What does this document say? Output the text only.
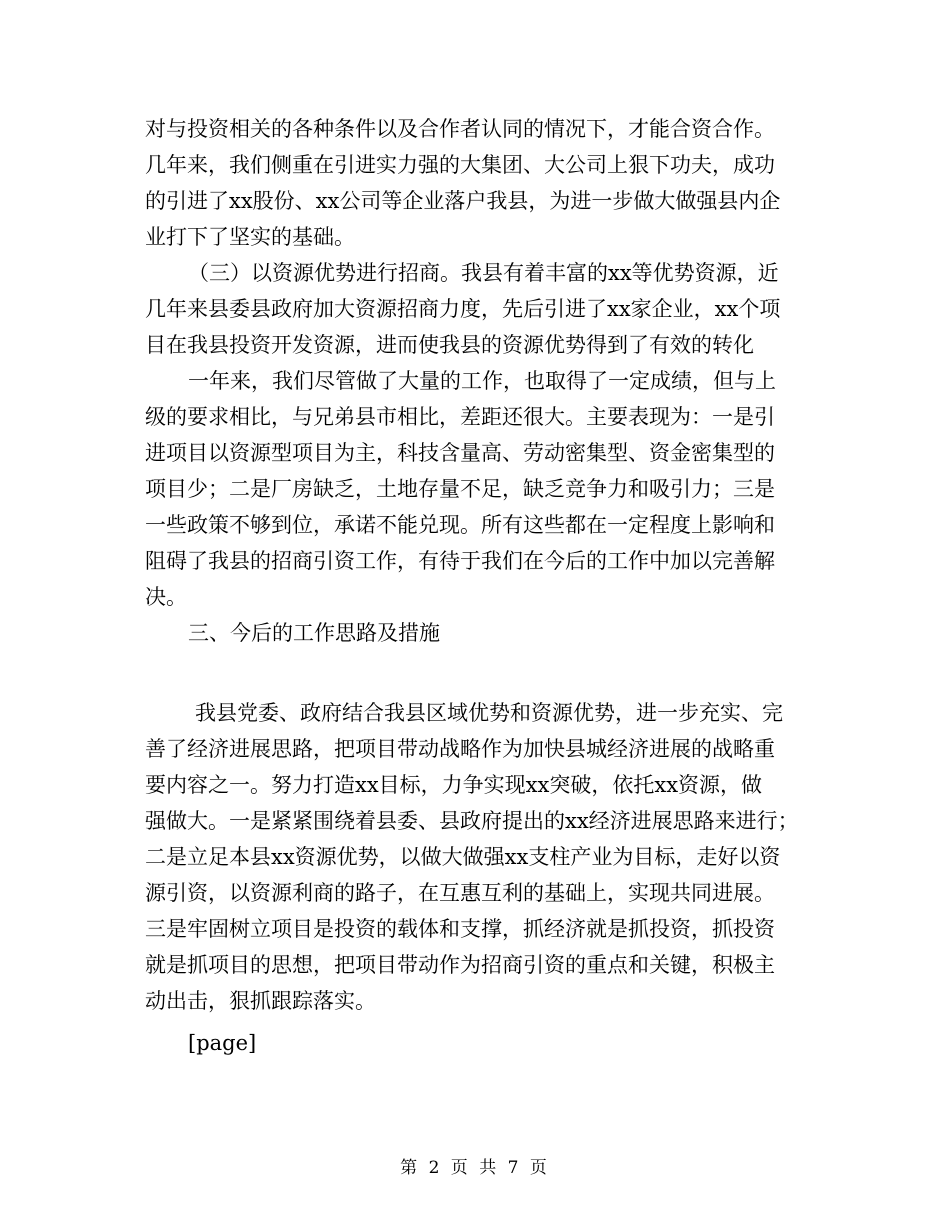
对与投资相关的各种条件以及合作者认同的情况下，才能合资合作。
几年来，我们侧重在引进实力强的大集团、大公司上狠下功夫，成功
的引进了xx股份、xx公司等企业落户我县，为进一步做大做强县内企
业打下了坚实的基础。
（三）以资源优势进行招商。我县有着丰富的xx等优势资源，近
几年来县委县政府加大资源招商力度，先后引进了xx家企业，xx个项
目在我县投资开发资源，进而使我县的资源优势得到了有效的转化
一年来，我们尽管做了大量的工作，也取得了一定成绩，但与上
级的要求相比，与兄弟县市相比，差距还很大。主要表现为：一是引
进项目以资源型项目为主，科技含量高、劳动密集型、资金密集型的
项目少；二是厂房缺乏，土地存量不足，缺乏竞争力和吸引力；三是
一些政策不够到位，承诺不能兑现。所有这些都在一定程度上影响和
阻碍了我县的招商引资工作，有待于我们在今后的工作中加以完善解
决。
三、今后的工作思路及措施
我县党委、政府结合我县区域优势和资源优势，进一步充实、完
善了经济进展思路，把项目带动战略作为加快县城经济进展的战略重
要内容之一。努力打造xx目标，力争实现xx突破，依托xx资源，做
强做大。一是紧紧围绕着县委、县政府提出的xx经济进展思路来进行；
二是立足本县xx资源优势，以做大做强xx支柱产业为目标，走好以资
源引资，以资源利商的路子，在互惠互利的基础上，实现共同进展。
三是牢固树立项目是投资的载体和支撑，抓经济就是抓投资，抓投资
就是抓项目的思想，把项目带动作为招商引资的重点和关键，积极主
动出击，狠抓跟踪落实。
[page]
第 2 页 共 7 页
